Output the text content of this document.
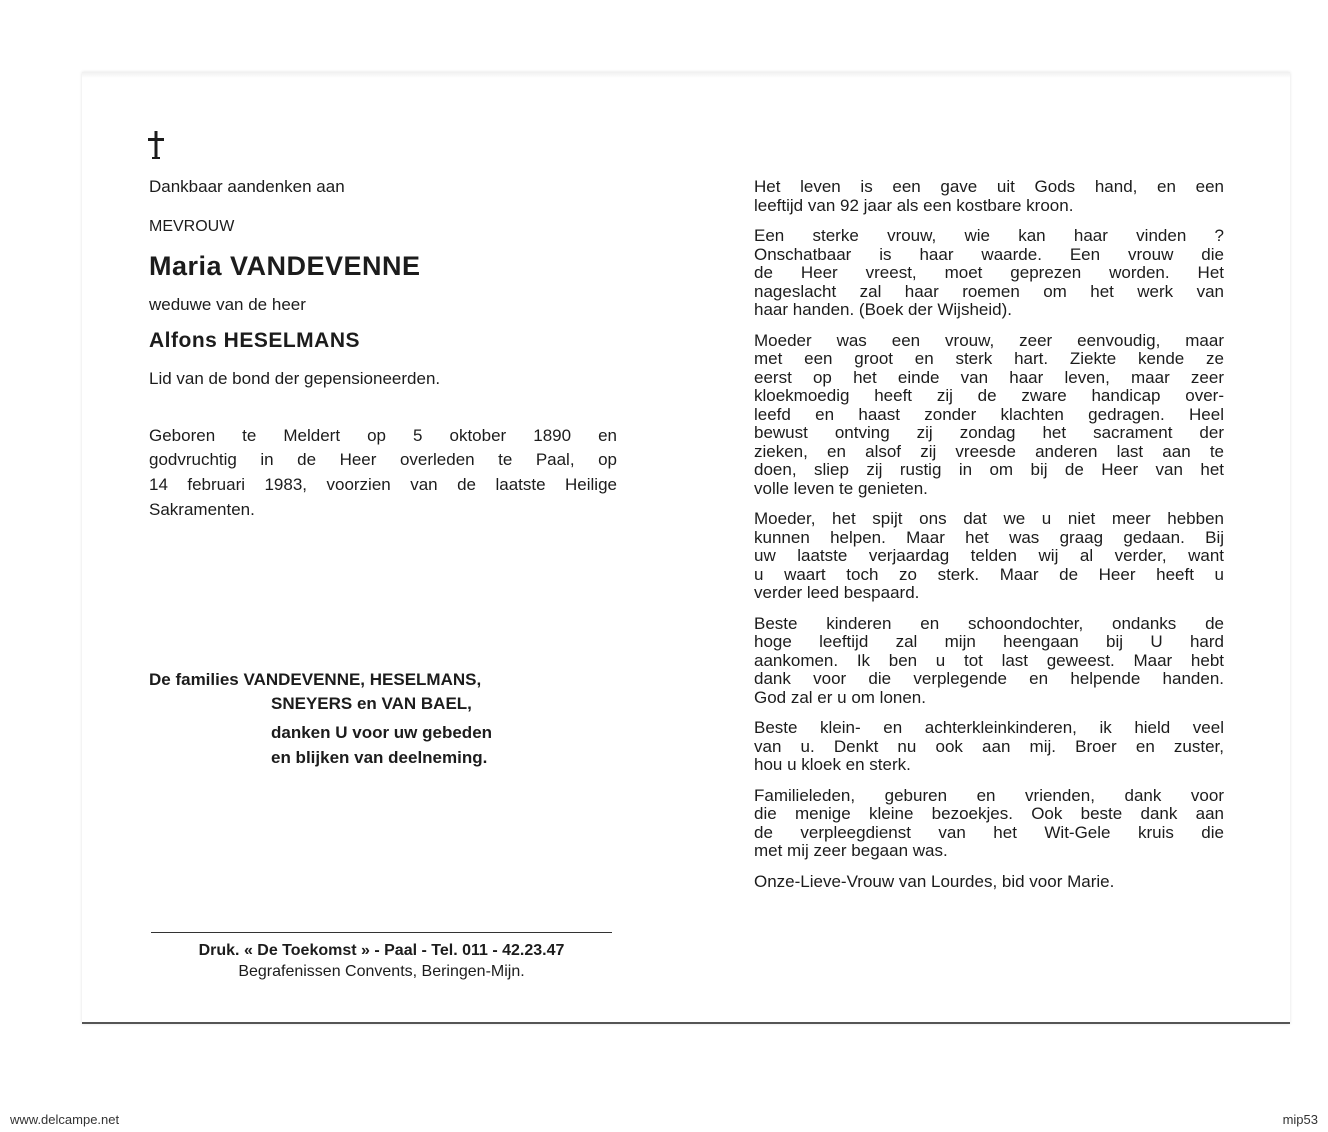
Dankbaar aandenken aan
MEVROUW
Maria VANDEVENNE
weduwe van de heer
Alfons HESELMANS
Lid van de bond der gepensioneerden.
Geboren te Meldert op 5 oktober 1890 en
godvruchtig in de Heer overleden te Paal, op
14 februari 1983, voorzien van de laatste Heilige
Sakramenten.
De families VANDEVENNE, HESELMANS,
SNEYERS en VAN BAEL,
danken U voor uw gebeden
en blijken van deelneming.
Druk. « De Toekomst » - Paal - Tel. 011 - 42.23.47
Begrafenissen Convents, Beringen-Mijn.

Het leven is een gave uit Gods hand, en een
leeftijd van 92 jaar als een kostbare kroon.

Een sterke vrouw, wie kan haar vinden ?
Onschatbaar is haar waarde. Een vrouw die
de Heer vreest, moet geprezen worden. Het
nageslacht zal haar roemen om het werk van
haar handen. (Boek der Wijsheid).

Moeder was een vrouw, zeer eenvoudig, maar
met een groot en sterk hart. Ziekte kende ze
eerst op het einde van haar leven, maar zeer
kloekmoedig heeft zij de zware handicap over-
leefd en haast zonder klachten gedragen. Heel
bewust ontving zij zondag het sacrament der
zieken, en alsof zij vreesde anderen last aan te
doen, sliep zij rustig in om bij de Heer van het
volle leven te genieten.

Moeder, het spijt ons dat we u niet meer hebben
kunnen helpen. Maar het was graag gedaan. Bij
uw laatste verjaardag telden wij al verder, want
u waart toch zo sterk. Maar de Heer heeft u
verder leed bespaard.

Beste kinderen en schoondochter, ondanks de
hoge leeftijd zal mijn heengaan bij U hard
aankomen. Ik ben u tot last geweest. Maar hebt
dank voor die verplegende en helpende handen.
God zal er u om lonen.

Beste klein- en achterkleinkinderen, ik hield veel
van u. Denkt nu ook aan mij. Broer en zuster,
hou u kloek en sterk.

Familieleden, geburen en vrienden, dank voor
die menige kleine bezoekjes. Ook beste dank aan
de verpleegdienst van het Wit-Gele kruis die
met mij zeer begaan was.

Onze-Lieve-Vrouw van Lourdes, bid voor Marie.

www.delcampe.net	mip53
